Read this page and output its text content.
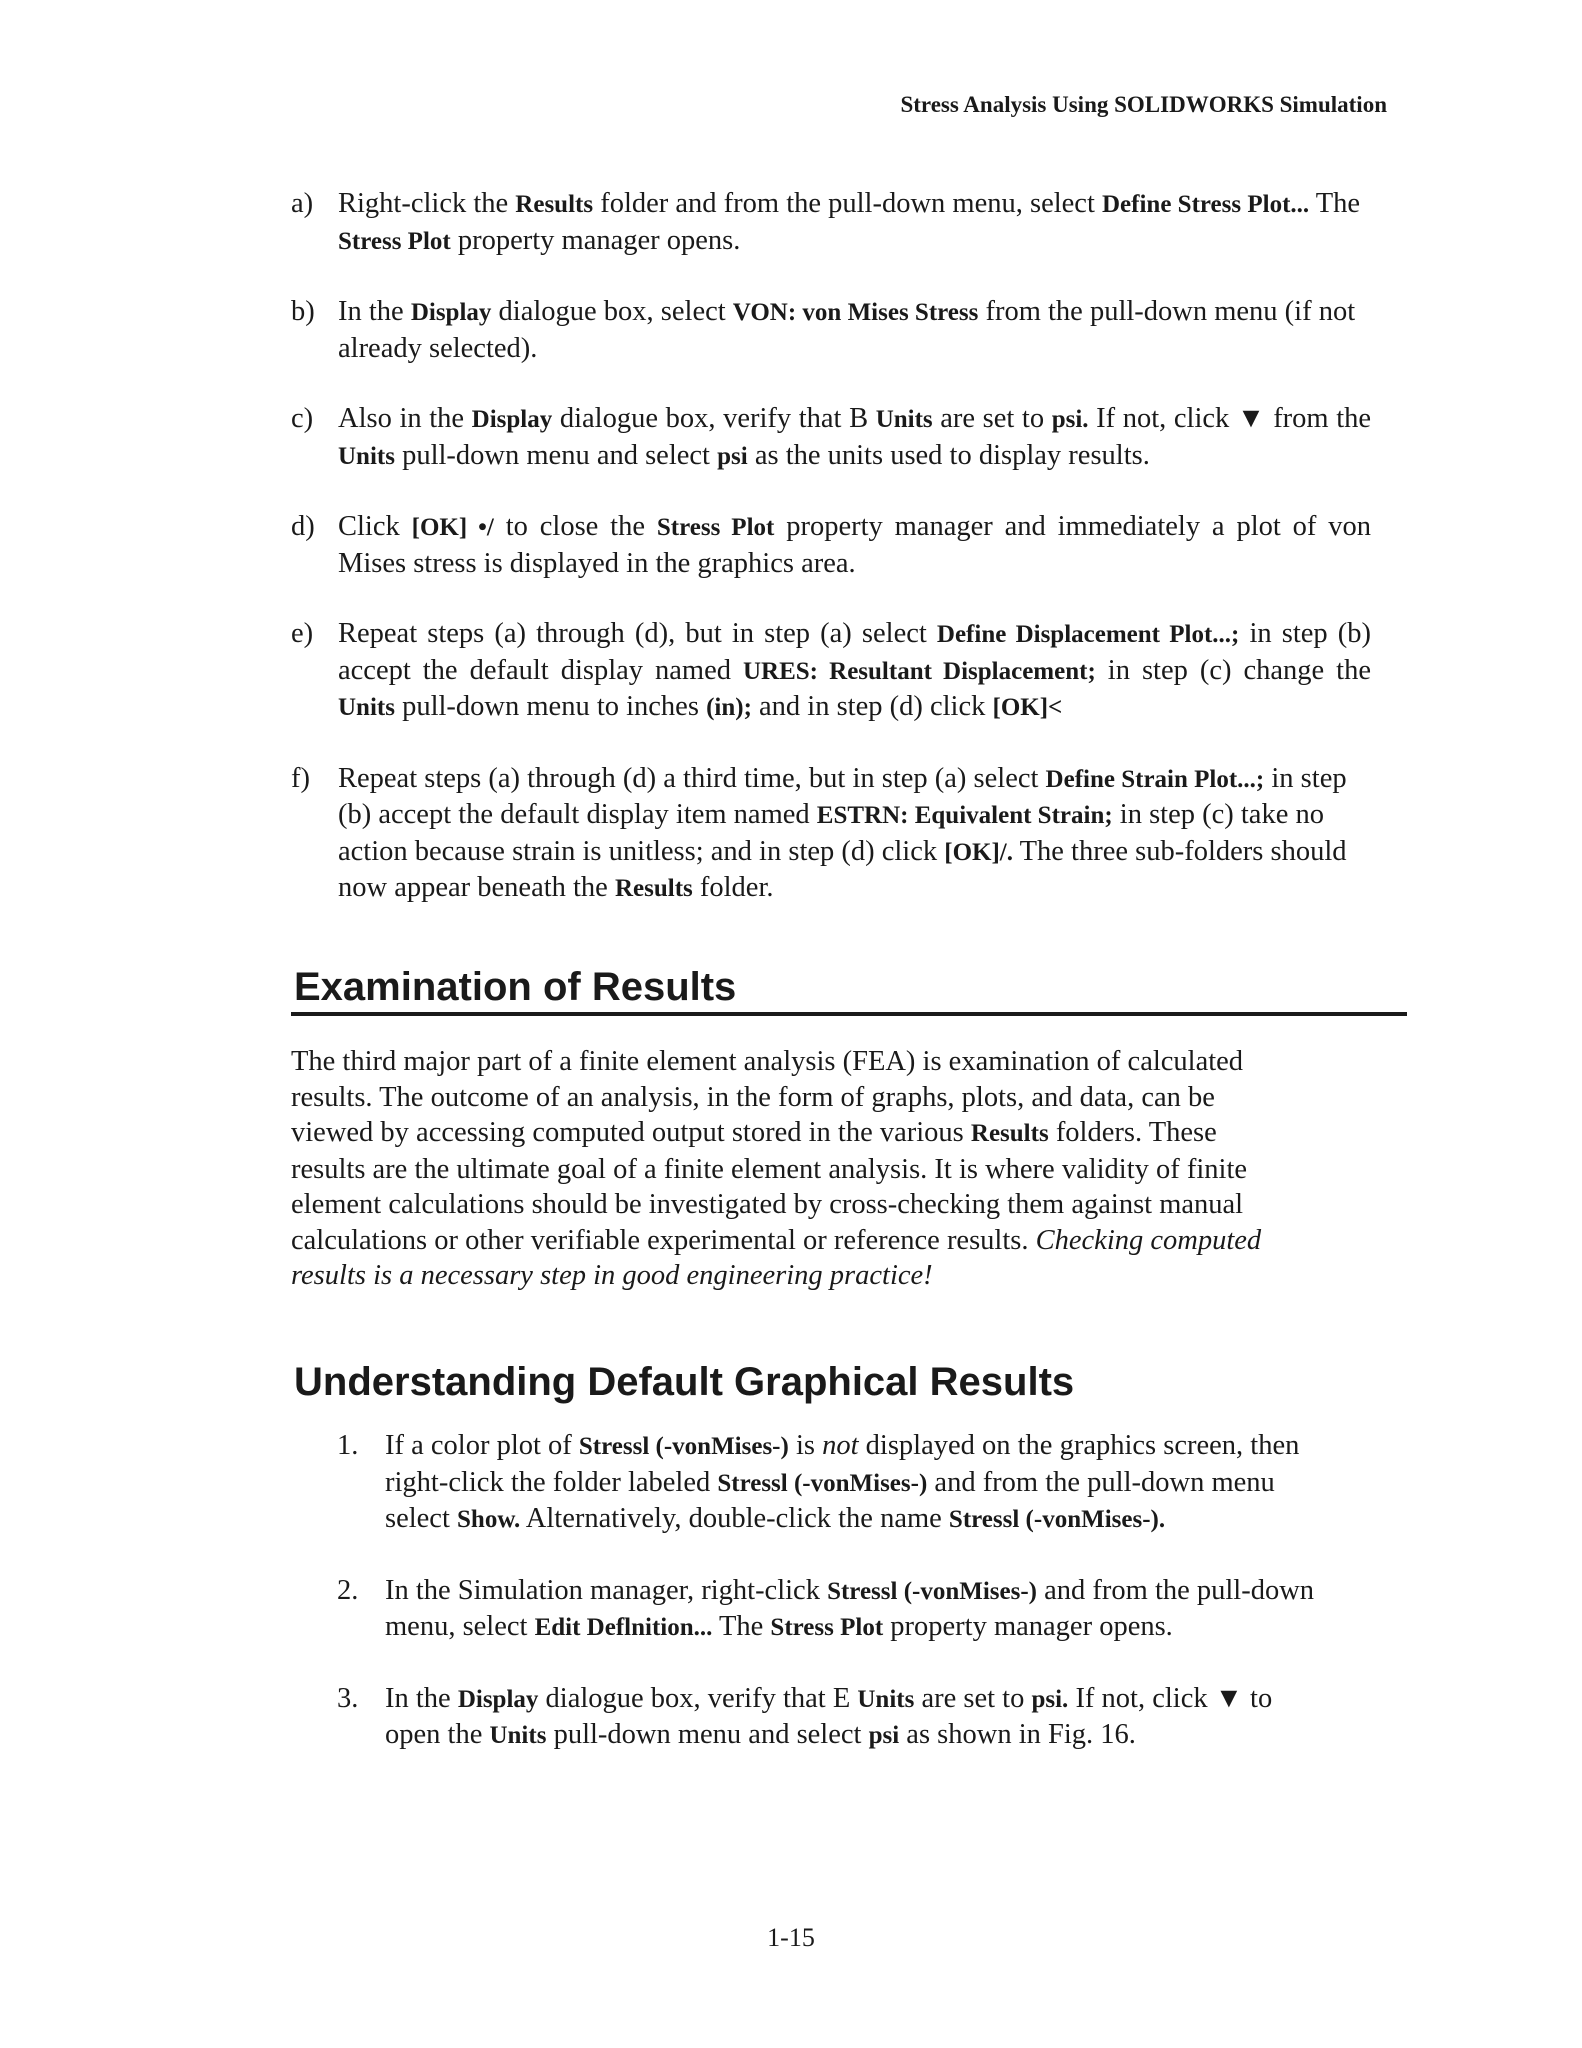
Stress Analysis Using SOLIDWORKS Simulation
a) Right-click the Results folder and from the pull-down menu, select Define Stress Plot... The Stress Plot property manager opens.
b) In the Display dialogue box, select VON: von Mises Stress from the pull-down menu (if not already selected).
c) Also in the Display dialogue box, verify that B Units are set to psi. If not, click ▼ from the Units pull-down menu and select psi as the units used to display results.
d) Click [OK] •/ to close the Stress Plot property manager and immediately a plot of von Mises stress is displayed in the graphics area.
e) Repeat steps (a) through (d), but in step (a) select Define Displacement Plot...; in step (b) accept the default display named URES: Resultant Displacement; in step (c) change the Units pull-down menu to inches (in); and in step (d) click [OK]<
f) Repeat steps (a) through (d) a third time, but in step (a) select Define Strain Plot...; in step (b) accept the default display item named ESTRN: Equivalent Strain; in step (c) take no action because strain is unitless; and in step (d) click [OK]/. The three sub-folders should now appear beneath the Results folder.
Examination of Results
The third major part of a finite element analysis (FEA) is examination of calculated results. The outcome of an analysis, in the form of graphs, plots, and data, can be viewed by accessing computed output stored in the various Results folders. These results are the ultimate goal of a finite element analysis. It is where validity of finite element calculations should be investigated by cross-checking them against manual calculations or other verifiable experimental or reference results. Checking computed results is a necessary step in good engineering practice!
Understanding Default Graphical Results
1. If a color plot of Stressl (-vonMises-) is not displayed on the graphics screen, then right-click the folder labeled Stressl (-vonMises-) and from the pull-down menu select Show. Alternatively, double-click the name Stressl (-vonMises-).
2. In the Simulation manager, right-click Stressl (-vonMises-) and from the pull-down menu, select Edit Deflnition... The Stress Plot property manager opens.
3. In the Display dialogue box, verify that E Units are set to psi. If not, click ▼ to open the Units pull-down menu and select psi as shown in Fig. 16.
1-15
